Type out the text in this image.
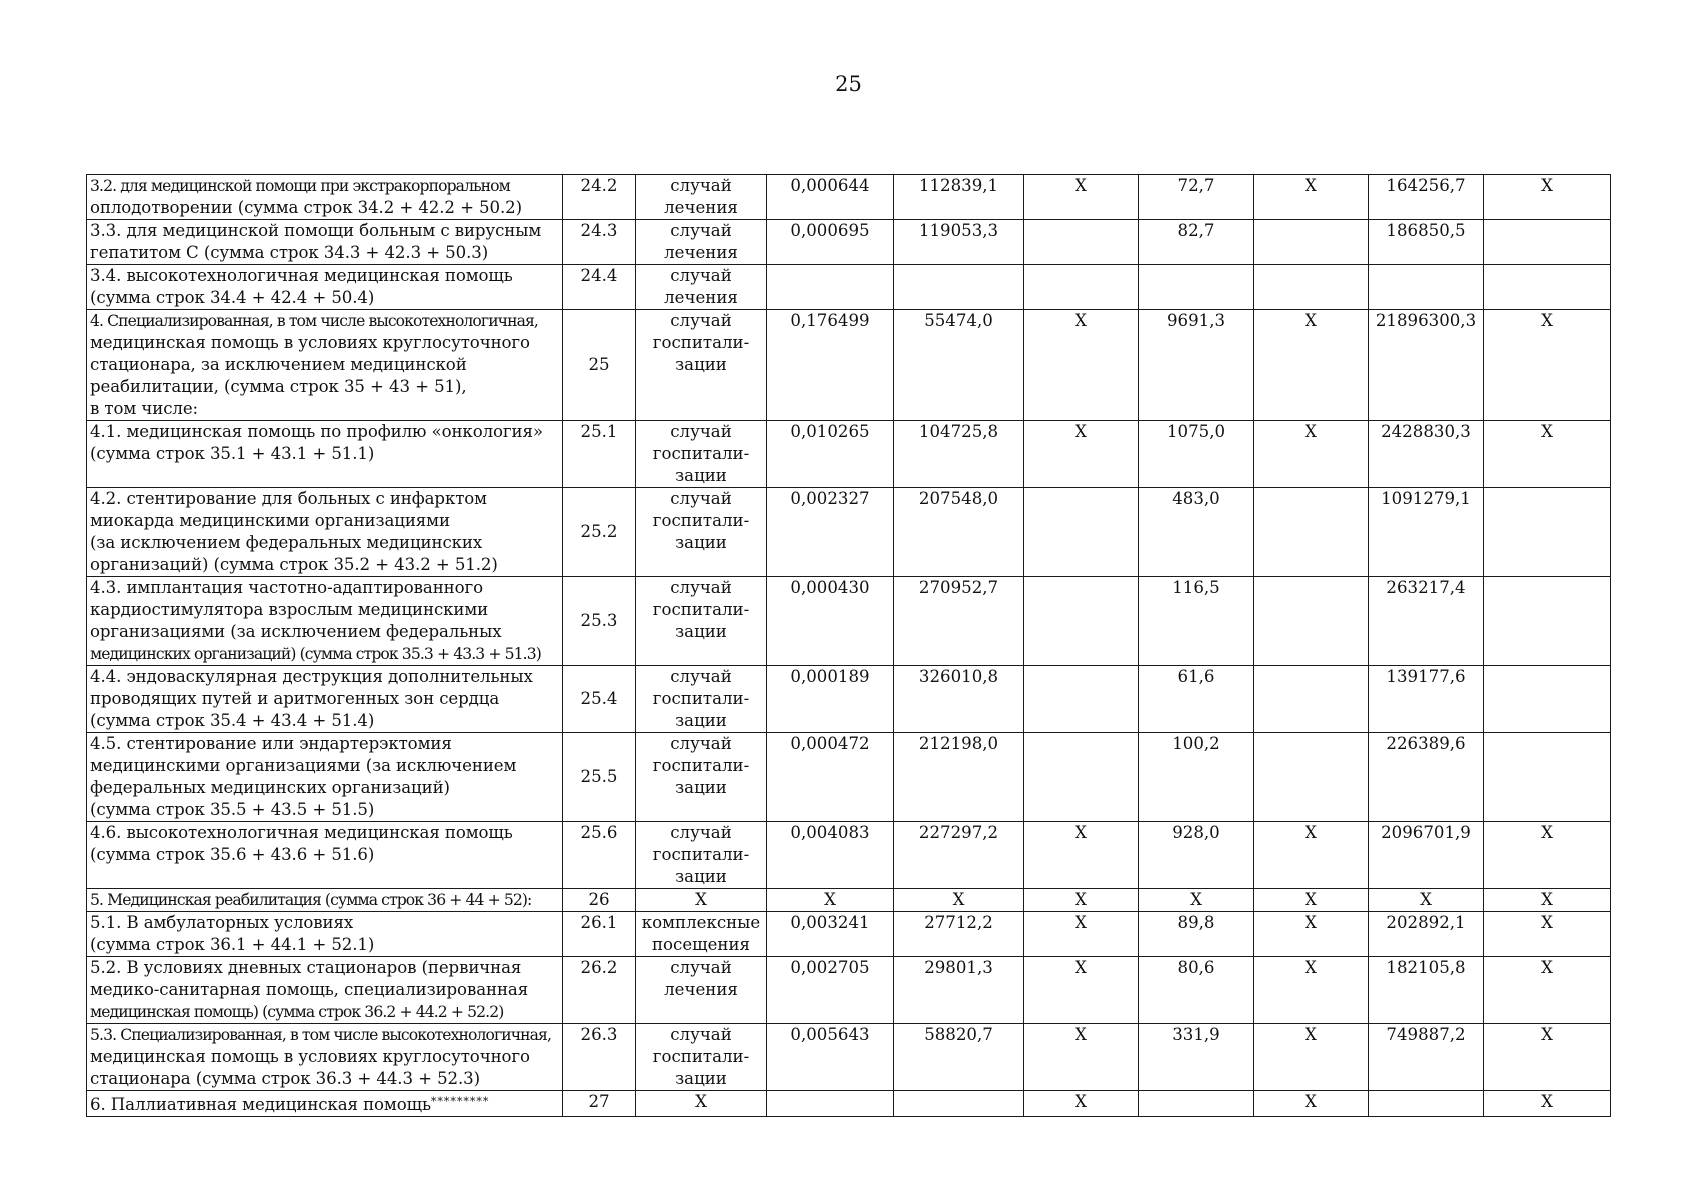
25
3.2. для медицинской помощи при экстракорпоральном
оплодотворении (сумма строк 34.2 + 42.2 + 50.2)	24.2	случай
лечения	0,000644	112839,1	Х	72,7	Х	164256,7	Х
3.3. для медицинской помощи больным с вирусным
гепатитом С (сумма строк 34.3 + 42.3 + 50.3)	24.3	случай
лечения	0,000695	119053,3		82,7		186850,5	
3.4. высокотехнологичная медицинская помощь
(сумма строк 34.4 + 42.4 + 50.4)	24.4	случай
лечения							
4. Специализированная, в том числе высокотехнологичная,
медицинская помощь в условиях круглосуточного
стационара, за исключением медицинской
реабилитации, (сумма строк 35 + 43 + 51),
в том числе:	25	случай
госпитали-
зации	0,176499	55474,0	Х	9691,3	Х	21896300,3	Х
4.1. медицинская помощь по профилю «онкология»
(сумма строк 35.1 + 43.1 + 51.1)	25.1	случай
госпитали-
зации	0,010265	104725,8	Х	1075,0	Х	2428830,3	Х
4.2. стентирование для больных с инфарктом
миокарда медицинскими организациями
(за исключением федеральных медицинских
организаций) (сумма строк 35.2 + 43.2 + 51.2)	25.2	случай
госпитали-
зации	0,002327	207548,0		483,0		1091279,1	
4.3. имплантация частотно-адаптированного
кардиостимулятора взрослым медицинскими
организациями (за исключением федеральных
медицинских организаций) (сумма строк 35.3 + 43.3 + 51.3)	25.3	случай
госпитали-
зации	0,000430	270952,7		116,5		263217,4	
4.4. эндоваскулярная деструкция дополнительных
проводящих путей и аритмогенных зон сердца
(сумма строк 35.4 + 43.4 + 51.4)	25.4	случай
госпитали-
зации	0,000189	326010,8		61,6		139177,6	
4.5. стентирование или эндартерэктомия
медицинскими организациями (за исключением
федеральных медицинских организаций)
(сумма строк 35.5 + 43.5 + 51.5)	25.5	случай
госпитали-
зации	0,000472	212198,0		100,2		226389,6	
4.6. высокотехнологичная медицинская помощь
(сумма строк 35.6 + 43.6 + 51.6)	25.6	случай
госпитали-
зации	0,004083	227297,2	Х	928,0	Х	2096701,9	Х
5. Медицинская реабилитация (сумма строк 36 + 44 + 52):	26	Х	Х	Х	Х	Х	Х	Х	Х
5.1. В амбулаторных условиях
(сумма строк 36.1 + 44.1 + 52.1)	26.1	комплексные
посещения	0,003241	27712,2	Х	89,8	Х	202892,1	Х
5.2. В условиях дневных стационаров (первичная
медико-санитарная помощь, специализированная
медицинская помощь) (сумма строк 36.2 + 44.2 + 52.2)	26.2	случай
лечения	0,002705	29801,3	Х	80,6	Х	182105,8	Х
5.3. Специализированная, в том числе высокотехнологичная,
медицинская помощь в условиях круглосуточного
стационара (сумма строк 36.3 + 44.3 + 52.3)	26.3	случай
госпитали-
зации	0,005643	58820,7	Х	331,9	Х	749887,2	Х
6. Паллиативная медицинская помощь*********	27	Х			Х		Х		Х
